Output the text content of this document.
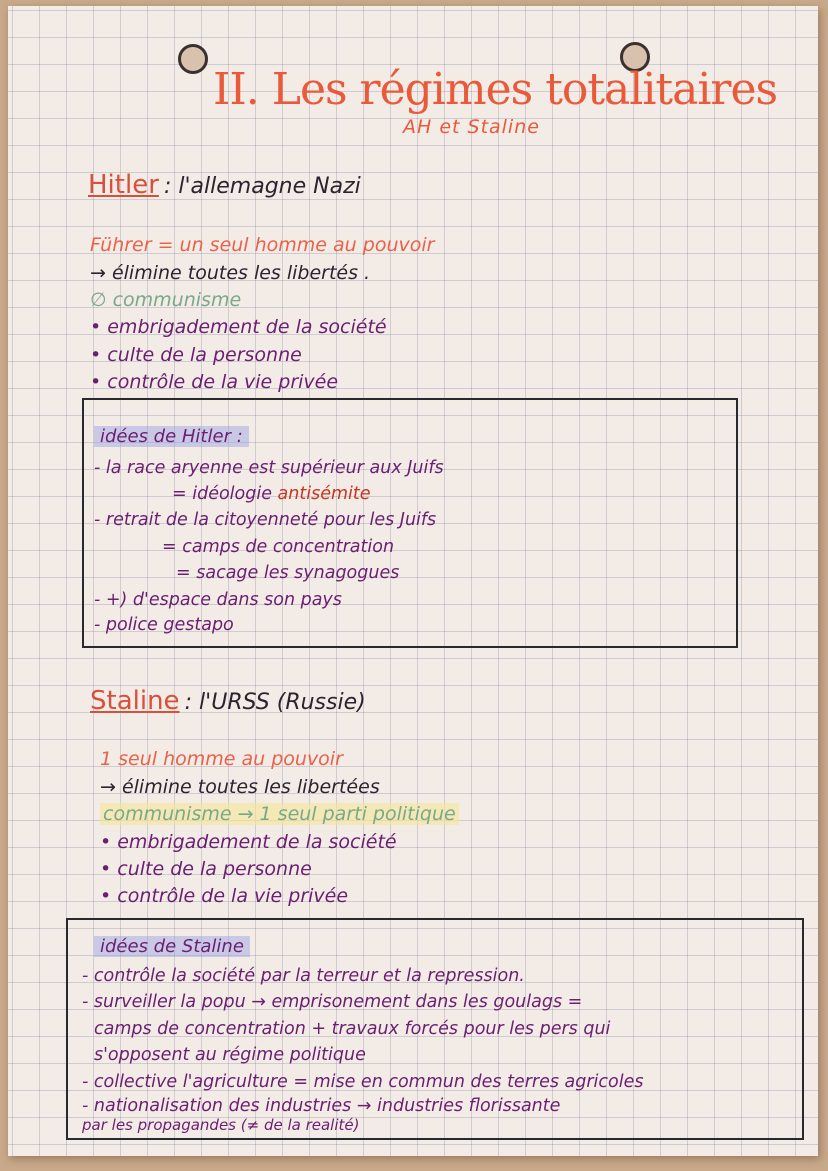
II. Les régimes totalitaires
AH et Staline
Hitler : l'allemagne Nazi
Führer = un seul homme au pouvoir
→ élimine toutes les libertés .
∅ communisme
• embrigadement de la société
• culte de la personne
• contrôle de la vie privée
idées de Hitler :
- la race aryenne est supérieur aux Juifs
= idéologie antisémite
- retrait de la citoyenneté pour les Juifs
= camps de concentration
= sacage les synagogues
- +) d'espace dans son pays
- police gestapo
Staline : l'URSS (Russie)
1 seul homme au pouvoir
→ élimine toutes les libertées
communisme → 1 seul parti politique
• embrigadement de la société
• culte de la personne
• contrôle de la vie privée
idées de Staline
- contrôle la société par la terreur et la repression.
- surveiller la popu → emprisonement dans les goulags =
camps de concentration + travaux forcés pour les pers qui
s'opposent au régime politique
- collective l'agriculture = mise en commun des terres agricoles
- nationalisation des industries → industries florissante
par les propagandes (≠ de la realité)
